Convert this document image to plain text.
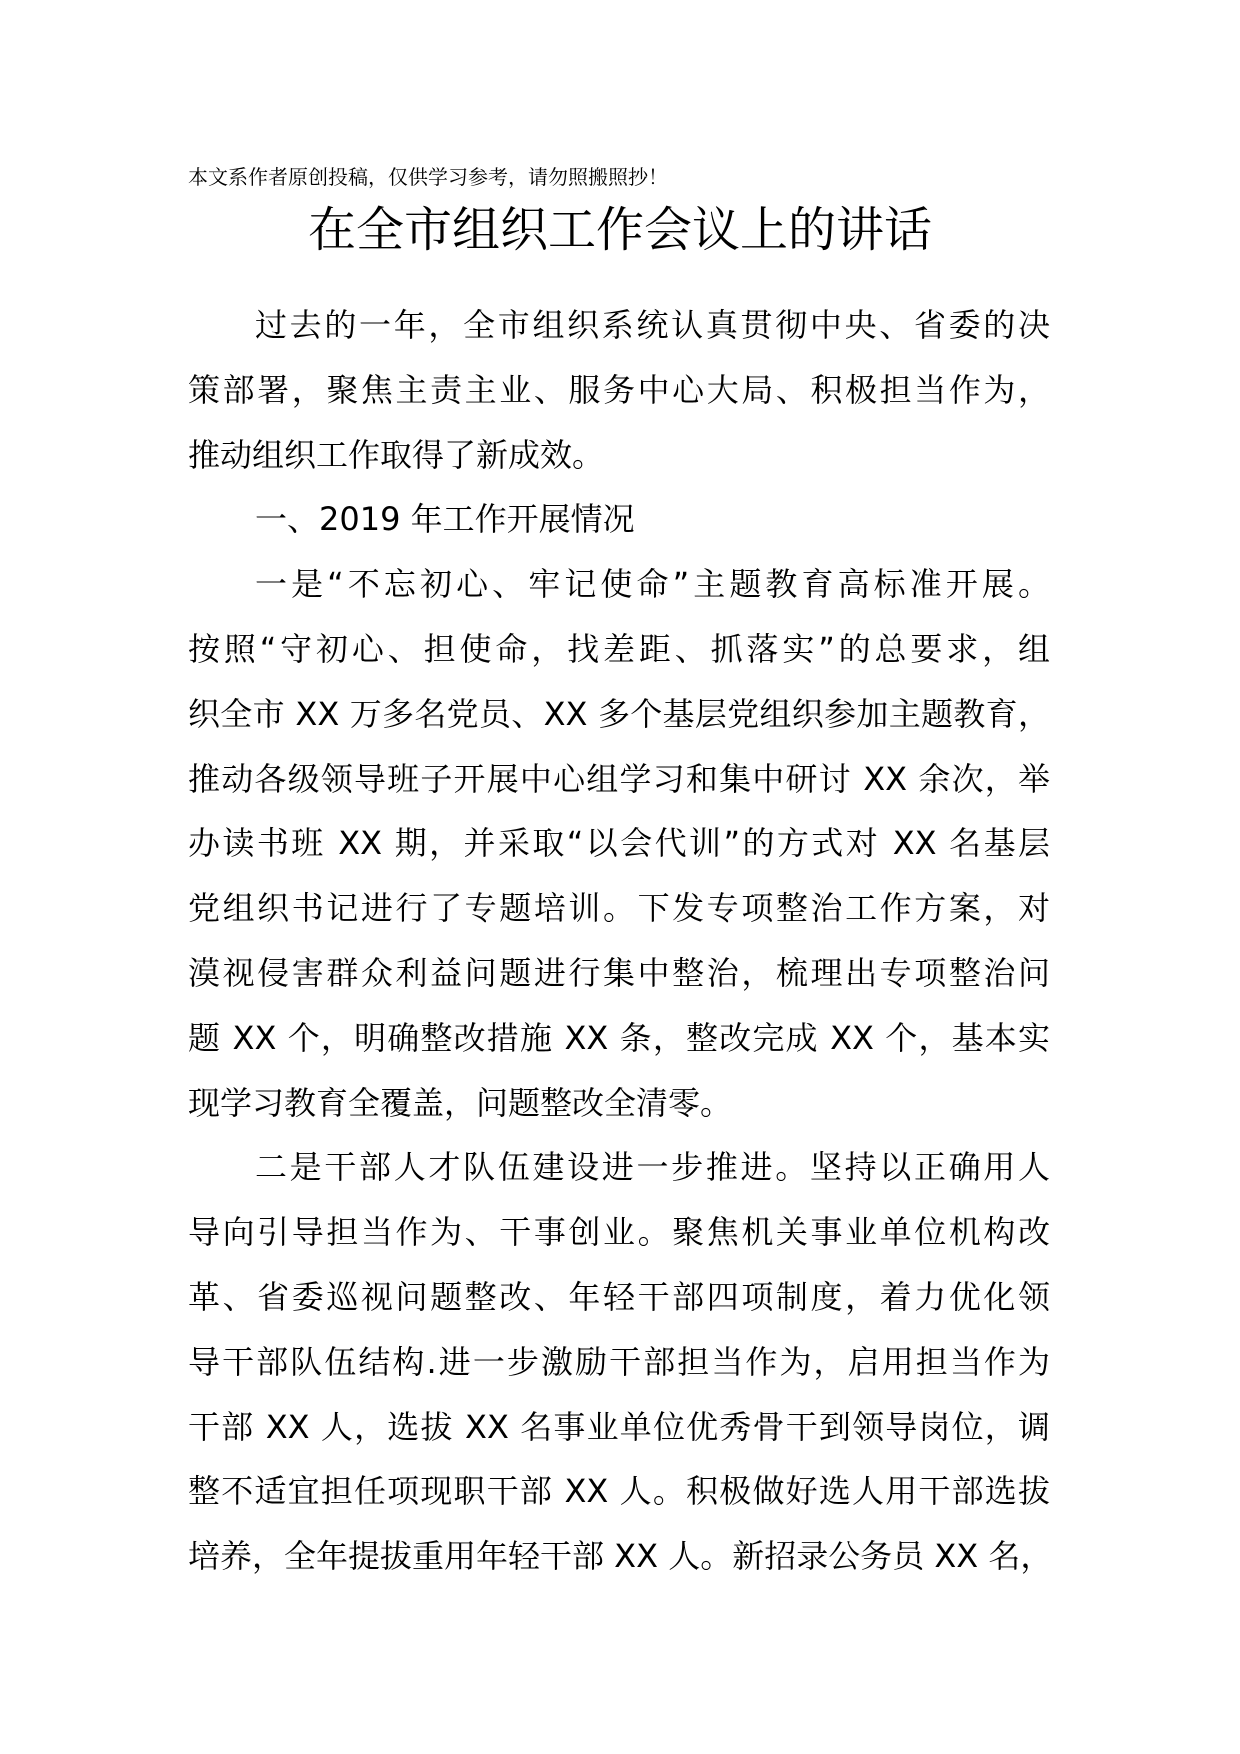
本文系作者原创投稿，仅供学习参考，请勿照搬照抄！
在全市组织工作会议上的讲话
过去的一年，全市组织系统认真贯彻中央、省委的决
策部署，聚焦主责主业、服务中心大局、积极担当作为，
推动组织工作取得了新成效。
一、2019 年工作开展情况
一是“不忘初心、牢记使命”主题教育高标准开展。
按照“守初心、担使命，找差距、抓落实”的总要求，组
织全市 XX 万多名党员、XX 多个基层党组织参加主题教育，
推动各级领导班子开展中心组学习和集中研讨 XX 余次，举
办读书班 XX 期，并采取“以会代训”的方式对 XX 名基层
党组织书记进行了专题培训。下发专项整治工作方案，对
漠视侵害群众利益问题进行集中整治，梳理出专项整治问
题 XX 个，明确整改措施 XX 条，整改完成 XX 个，基本实
现学习教育全覆盖，问题整改全清零。
二是干部人才队伍建设进一步推进。坚持以正确用人
导向引导担当作为、干事创业。聚焦机关事业单位机构改
革、省委巡视问题整改、年轻干部四项制度，着力优化领
导干部队伍结构.进一步激励干部担当作为，启用担当作为
干部 XX 人，选拔 XX 名事业单位优秀骨干到领导岗位，调
整不适宜担任项现职干部 XX 人。积极做好选人用干部选拔
培养，全年提拔重用年轻干部 XX 人。新招录公务员 XX 名，
